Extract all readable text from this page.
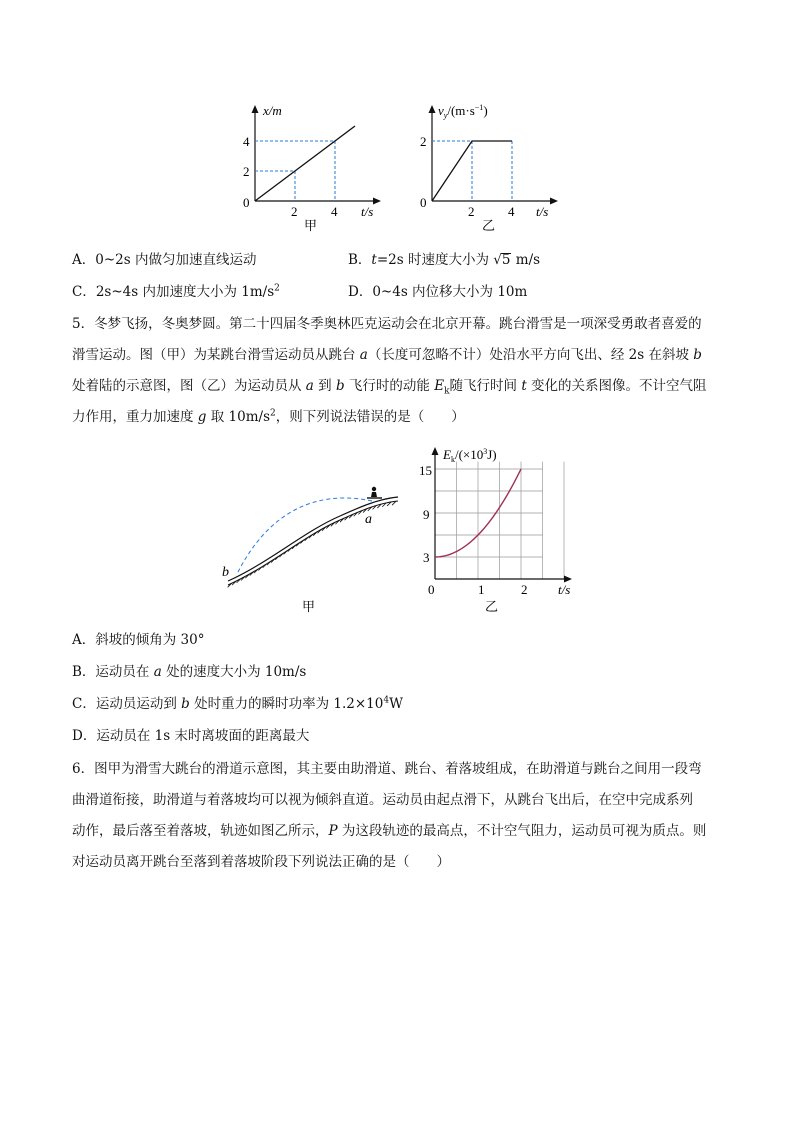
x/m
0
2
4
2	4 t/s
甲
$v_y/(m\cdot s^{-1})$
0
2
2	4 t/s
乙
A．0~2s 内做匀加速直线运动	B．t=2s 时速度大小为 √5 m/s
C．2s~4s 内加速度大小为 $1m/s^2$	D．0~4s 内位移大小为 10m
5．冬梦飞扬，冬奥梦圆。第二十四届冬季奥林匹克运动会在北京开幕。跳台滑雪是一项深受勇敢者喜爱的
滑雪运动。图（甲）为某跳台滑雪运动员从跳台 a（长度可忽略不计）处沿水平方向飞出、经 2s 在斜坡 b
处着陆的示意图，图（乙）为运动员从 a 到 b 飞行时的动能 $E_k$随飞行时间 t 变化的关系图像。不计空气阻
力作用，重力加速度 g 取 $10m/s^2$，则下列说法错误的是（　　）
a
b
甲
$E_k/(\times 10^3J)$
15
9
3
0	1	2 t/s
乙
A．斜坡的倾角为 30°
B．运动员在 a 处的速度大小为 10m/s
C．运动员运动到 b 处时重力的瞬时功率为 $1.2\times 10^4W$
D．运动员在 1s 末时离坡面的距离最大
6．图甲为滑雪大跳台的滑道示意图，其主要由助滑道、跳台、着落坡组成，在助滑道与跳台之间用一段弯
曲滑道衔接，助滑道与着落坡均可以视为倾斜直道。运动员由起点滑下，从跳台飞出后，在空中完成系列
动作，最后落至着落坡，轨迹如图乙所示，P 为这段轨迹的最高点，不计空气阻力，运动员可视为质点。则
对运动员离开跳台至落到着落坡阶段下列说法正确的是（　　）
